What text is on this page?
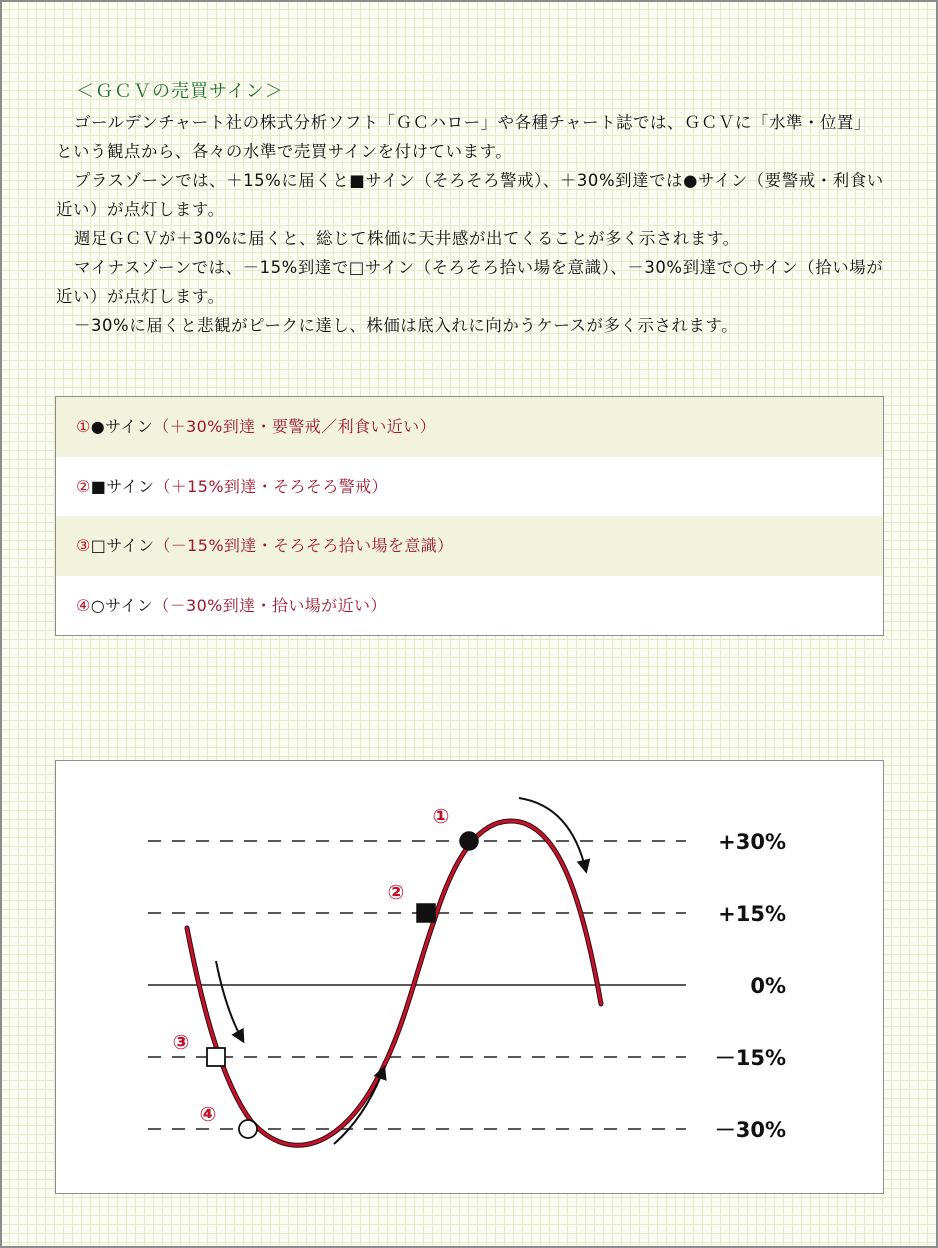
＜ＧＣＶの売買サイン＞

ゴールデンチャート社の株式分析ソフト「ＧＣハロー」や各種チャート誌では、ＧＣＶに「水準・位置」という観点から、各々の水準で売買サインを付けています。

プラスゾーンでは、＋15%に届くと■サイン（そろそろ警戒）、＋30%到達では●サイン（要警戒・利食い近い）が点灯します。

週足ＧＣＶが＋30%に届くと、総じて株価に天井感が出てくることが多く示されます。

マイナスゾーンでは、－15%到達で□サイン（そろそろ拾い場を意識）、－30%到達で○サイン（拾い場が近い）が点灯します。

－30%に届くと悲観がピークに達し、株価は底入れに向かうケースが多く示されます。

①●サイン（＋30%到達・要警戒／利食い近い）
②■サイン（＋15%到達・そろそろ警戒）
③□サイン（－15%到達・そろそろ拾い場を意識）
④○サイン（－30%到達・拾い場が近い）
+30%
+15%
0%
－15%
－30%
①
②
③
④
